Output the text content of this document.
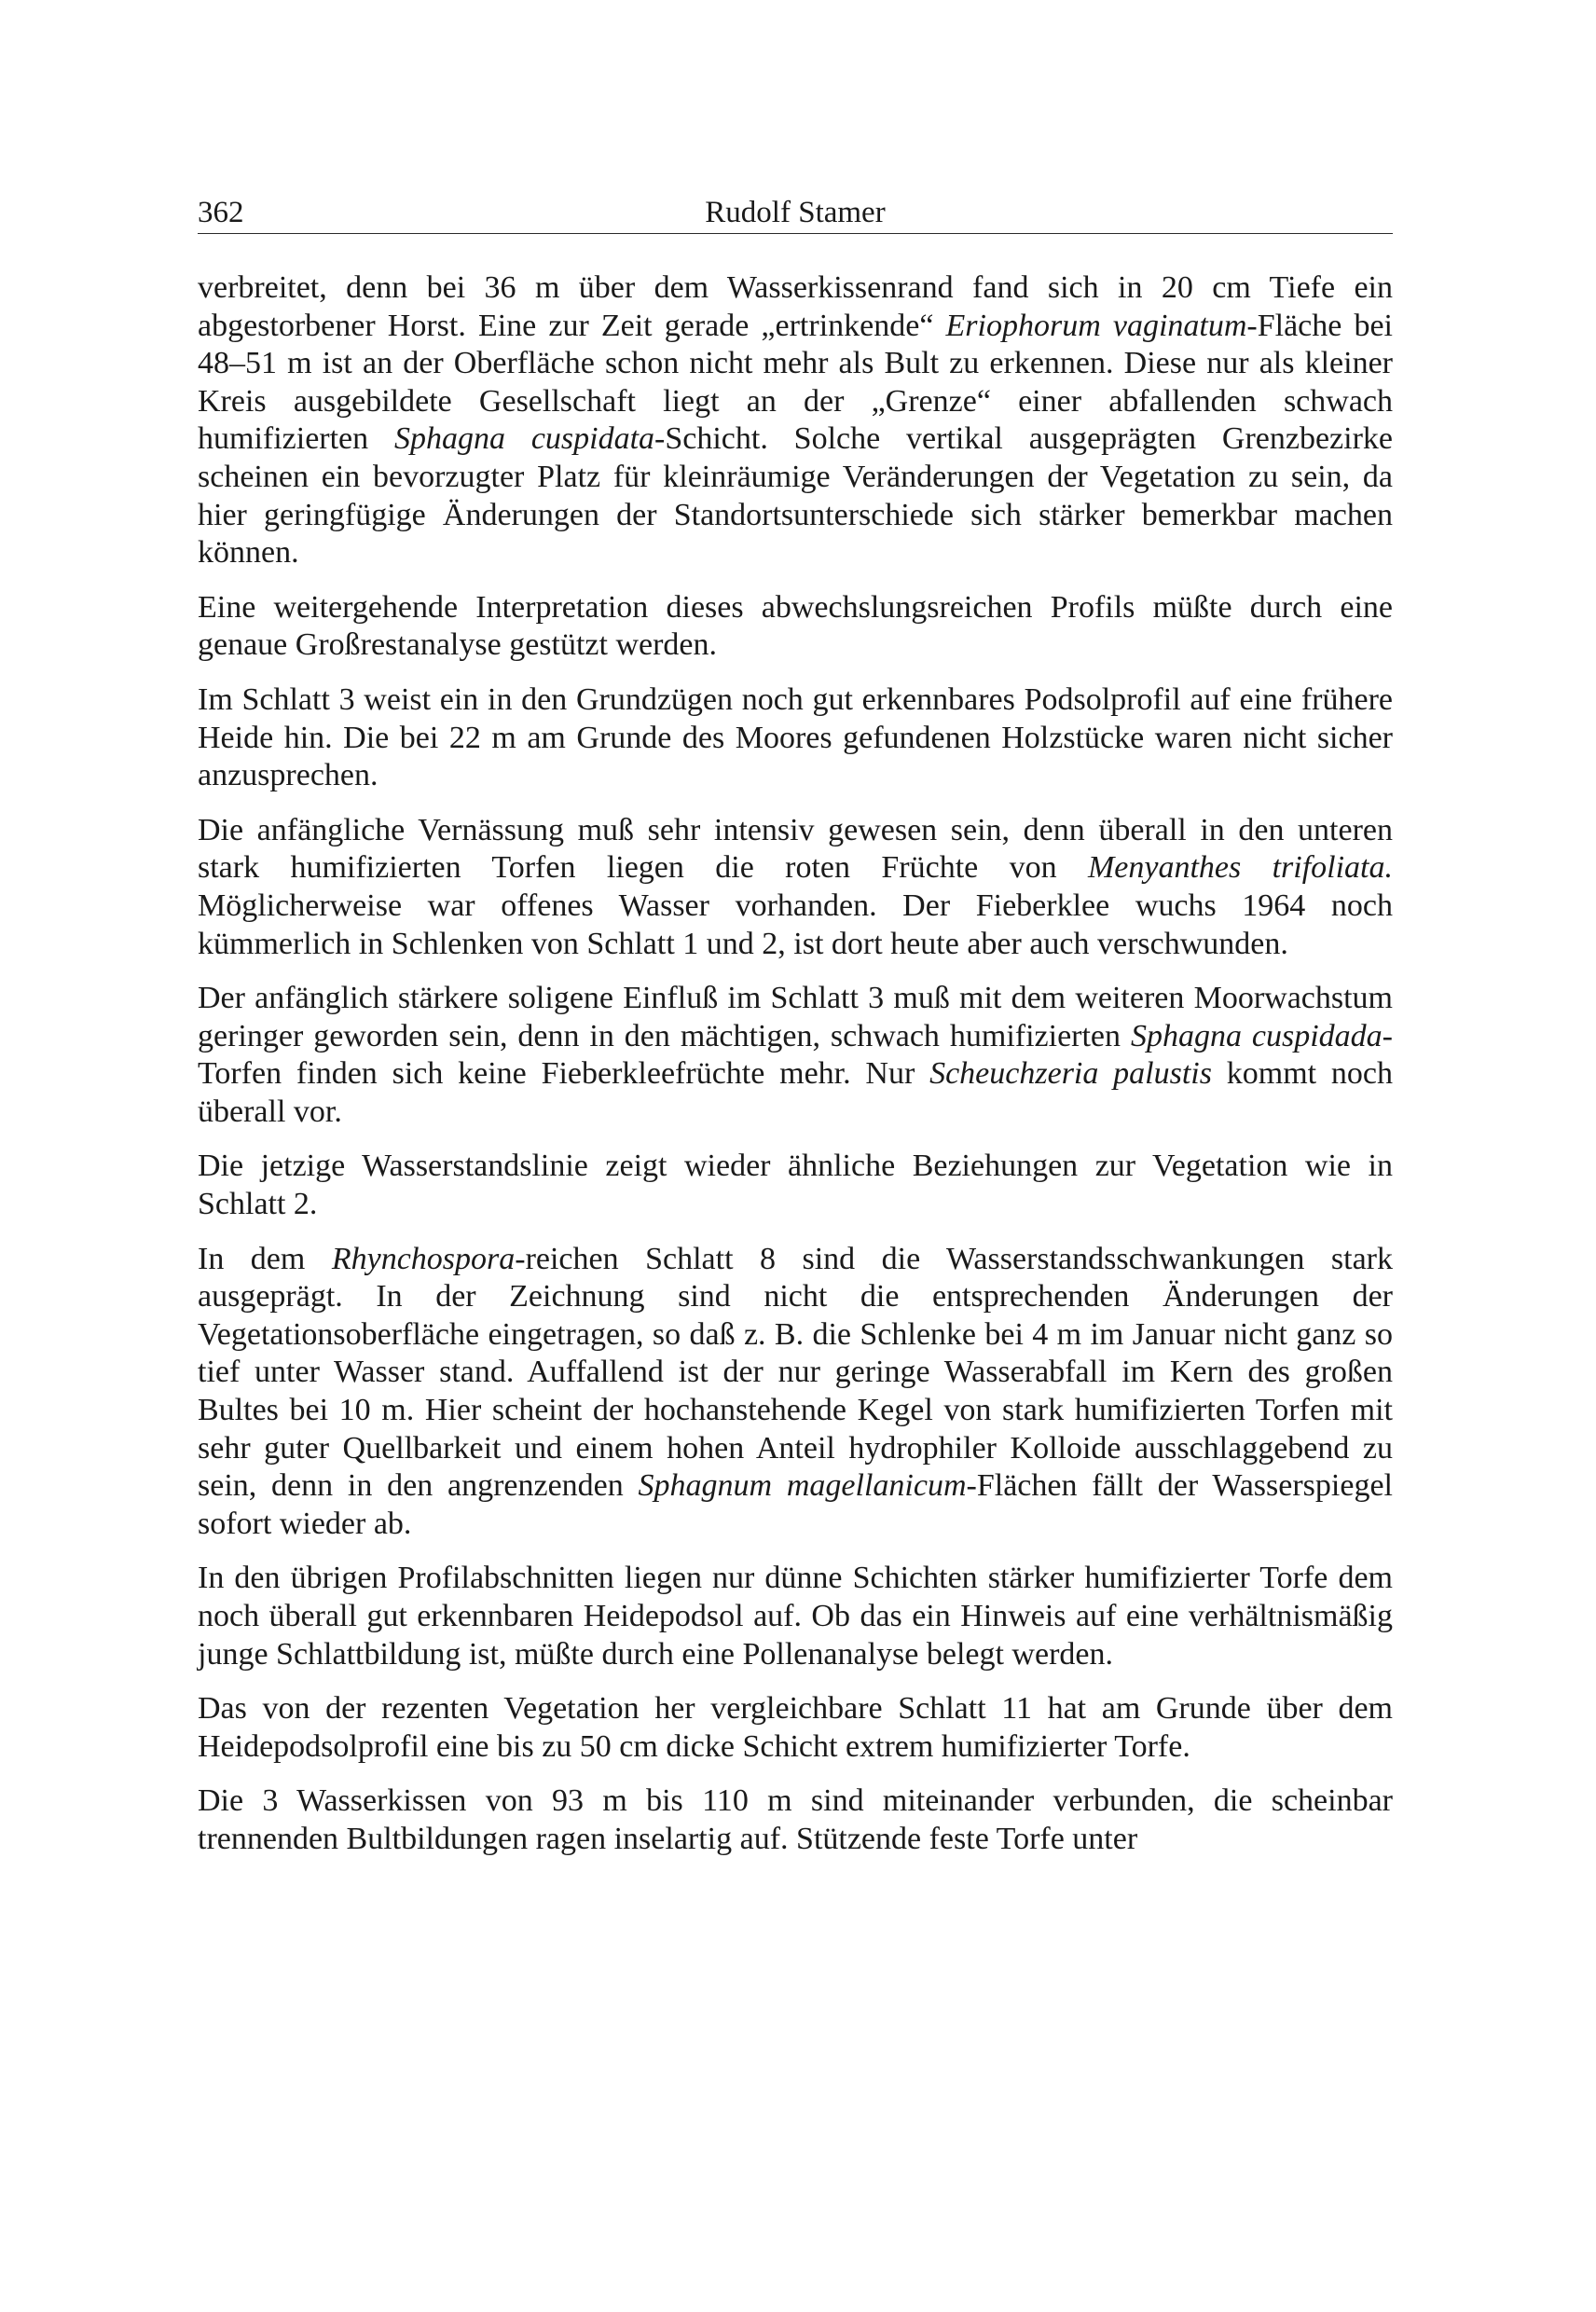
362	Rudolf Stamer

verbreitet, denn bei 36 m über dem Wasserkissenrand fand sich in 20 cm Tiefe ein abgestorbener Horst. Eine zur Zeit gerade „ertrinkende“ Eriophorum vaginatum-Fläche bei 48–51 m ist an der Oberfläche schon nicht mehr als Bult zu erkennen. Diese nur als kleiner Kreis ausgebildete Gesellschaft liegt an der „Grenze“ einer abfallenden schwach humifizierten Sphagna cuspidata-Schicht. Solche vertikal ausgeprägten Grenzbezirke scheinen ein bevorzugter Platz für kleinräumige Veränderungen der Vegetation zu sein, da hier geringfügige Änderungen der Standortsunterschiede sich stärker bemerkbar machen können.

Eine weitergehende Interpretation dieses abwechslungsreichen Profils müßte durch eine genaue Großrestanalyse gestützt werden.

Im Schlatt 3 weist ein in den Grundzügen noch gut erkennbares Podsolprofil auf eine frühere Heide hin. Die bei 22 m am Grunde des Moores gefundenen Holzstücke waren nicht sicher anzusprechen.

Die anfängliche Vernässung muß sehr intensiv gewesen sein, denn überall in den unteren stark humifizierten Torfen liegen die roten Früchte von Menyanthes trifoliata. Möglicherweise war offenes Wasser vorhanden. Der Fieberklee wuchs 1964 noch kümmerlich in Schlenken von Schlatt 1 und 2, ist dort heute aber auch verschwunden.

Der anfänglich stärkere soligene Einfluß im Schlatt 3 muß mit dem weiteren Moorwachstum geringer geworden sein, denn in den mächtigen, schwach humifizierten Sphagna cuspidada-Torfen finden sich keine Fieberkleefrüchte mehr. Nur Scheuchzeria palustis kommt noch überall vor.

Die jetzige Wasserstandslinie zeigt wieder ähnliche Beziehungen zur Vegetation wie in Schlatt 2.

In dem Rhynchospora-reichen Schlatt 8 sind die Wasserstandsschwankungen stark ausgeprägt. In der Zeichnung sind nicht die entsprechenden Änderungen der Vegetationsoberfläche eingetragen, so daß z. B. die Schlenke bei 4 m im Januar nicht ganz so tief unter Wasser stand. Auffallend ist der nur geringe Wasserabfall im Kern des großen Bultes bei 10 m. Hier scheint der hochanstehende Kegel von stark humifizierten Torfen mit sehr guter Quellbarkeit und einem hohen Anteil hydrophiler Kolloide ausschlaggebend zu sein, denn in den angrenzenden Sphagnum magellanicum-Flächen fällt der Wasserspiegel sofort wieder ab.

In den übrigen Profilabschnitten liegen nur dünne Schichten stärker humifizierter Torfe dem noch überall gut erkennbaren Heidepodsol auf. Ob das ein Hinweis auf eine verhältnismäßig junge Schlattbildung ist, müßte durch eine Pollenanalyse belegt werden.

Das von der rezenten Vegetation her vergleichbare Schlatt 11 hat am Grunde über dem Heidepodsolprofil eine bis zu 50 cm dicke Schicht extrem humifizierter Torfe.

Die 3 Wasserkissen von 93 m bis 110 m sind miteinander verbunden, die scheinbar trennenden Bultbildungen ragen inselartig auf. Stützende feste Torfe unter
